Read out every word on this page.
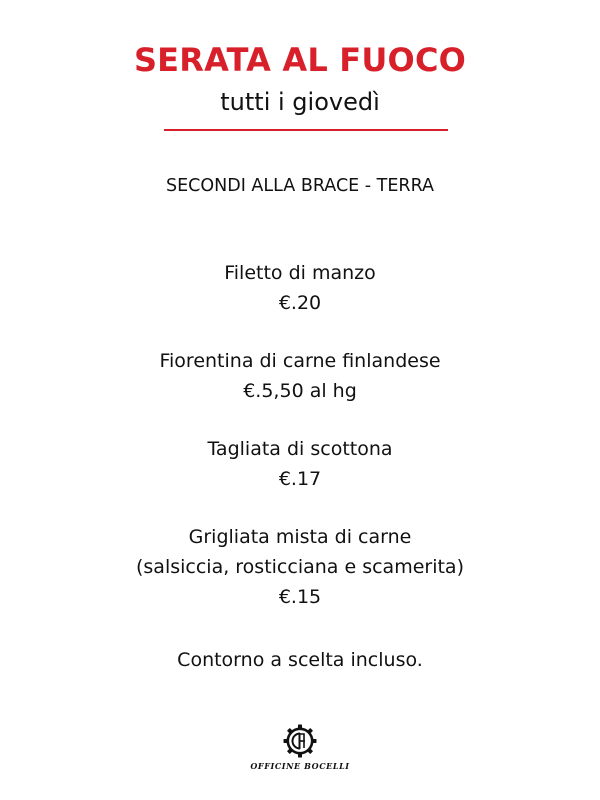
SERATA AL FUOCO
tutti i giovedì
SECONDI ALLA BRACE - TERRA
Filetto di manzo
€.20
Fiorentina di carne finlandese
€.5,50 al hg
Tagliata di scottona
€.17
Grigliata mista di carne
(salsiccia, rosticciana e scamerita)
€.15
Contorno a scelta incluso.
OFFICINE BOCELLI
